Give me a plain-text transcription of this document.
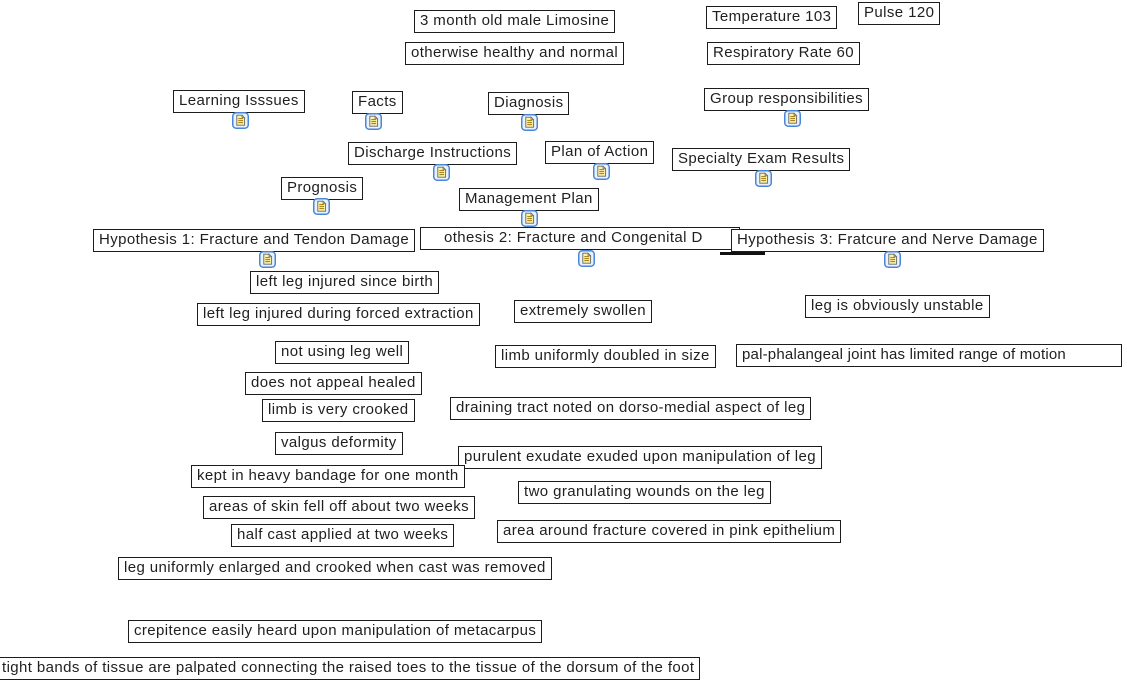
3 month old male Limosine	Pulse 120
Temperature 103
otherwise healthy and normal	Respiratory Rate 60
Learning Isssues	Facts	Diagnosis	Group responsibilities
Discharge Instructions	Plan of Action	Specialty Exam Results
Prognosis
Management Plan
othesis 2: Fracture and Congenital D
Hypothesis 1: Fracture and Tendon Damage	Hypothesis 3: Fratcure and Nerve Damage
left leg injured since birth
left leg injured during forced extraction	extremely swollen	leg is obviously unstable
not using leg well	pal-phalangeal joint has limited range of motion
limb uniformly doubled in size
does not appeal healed
limb is very crooked	draining tract noted on dorso-medial aspect of leg
valgus deformity
purulent exudate exuded upon manipulation of leg
kept in heavy bandage for one month
two granulating wounds on the leg
areas of skin fell off about two weeks
half cast applied at two weeks	area around fracture covered in pink epithelium
leg uniformly enlarged and crooked when cast was removed
crepitence easily heard upon manipulation of metacarpus
tight bands of tissue are palpated connecting the raised toes to the tissue of the dorsum of the foot
